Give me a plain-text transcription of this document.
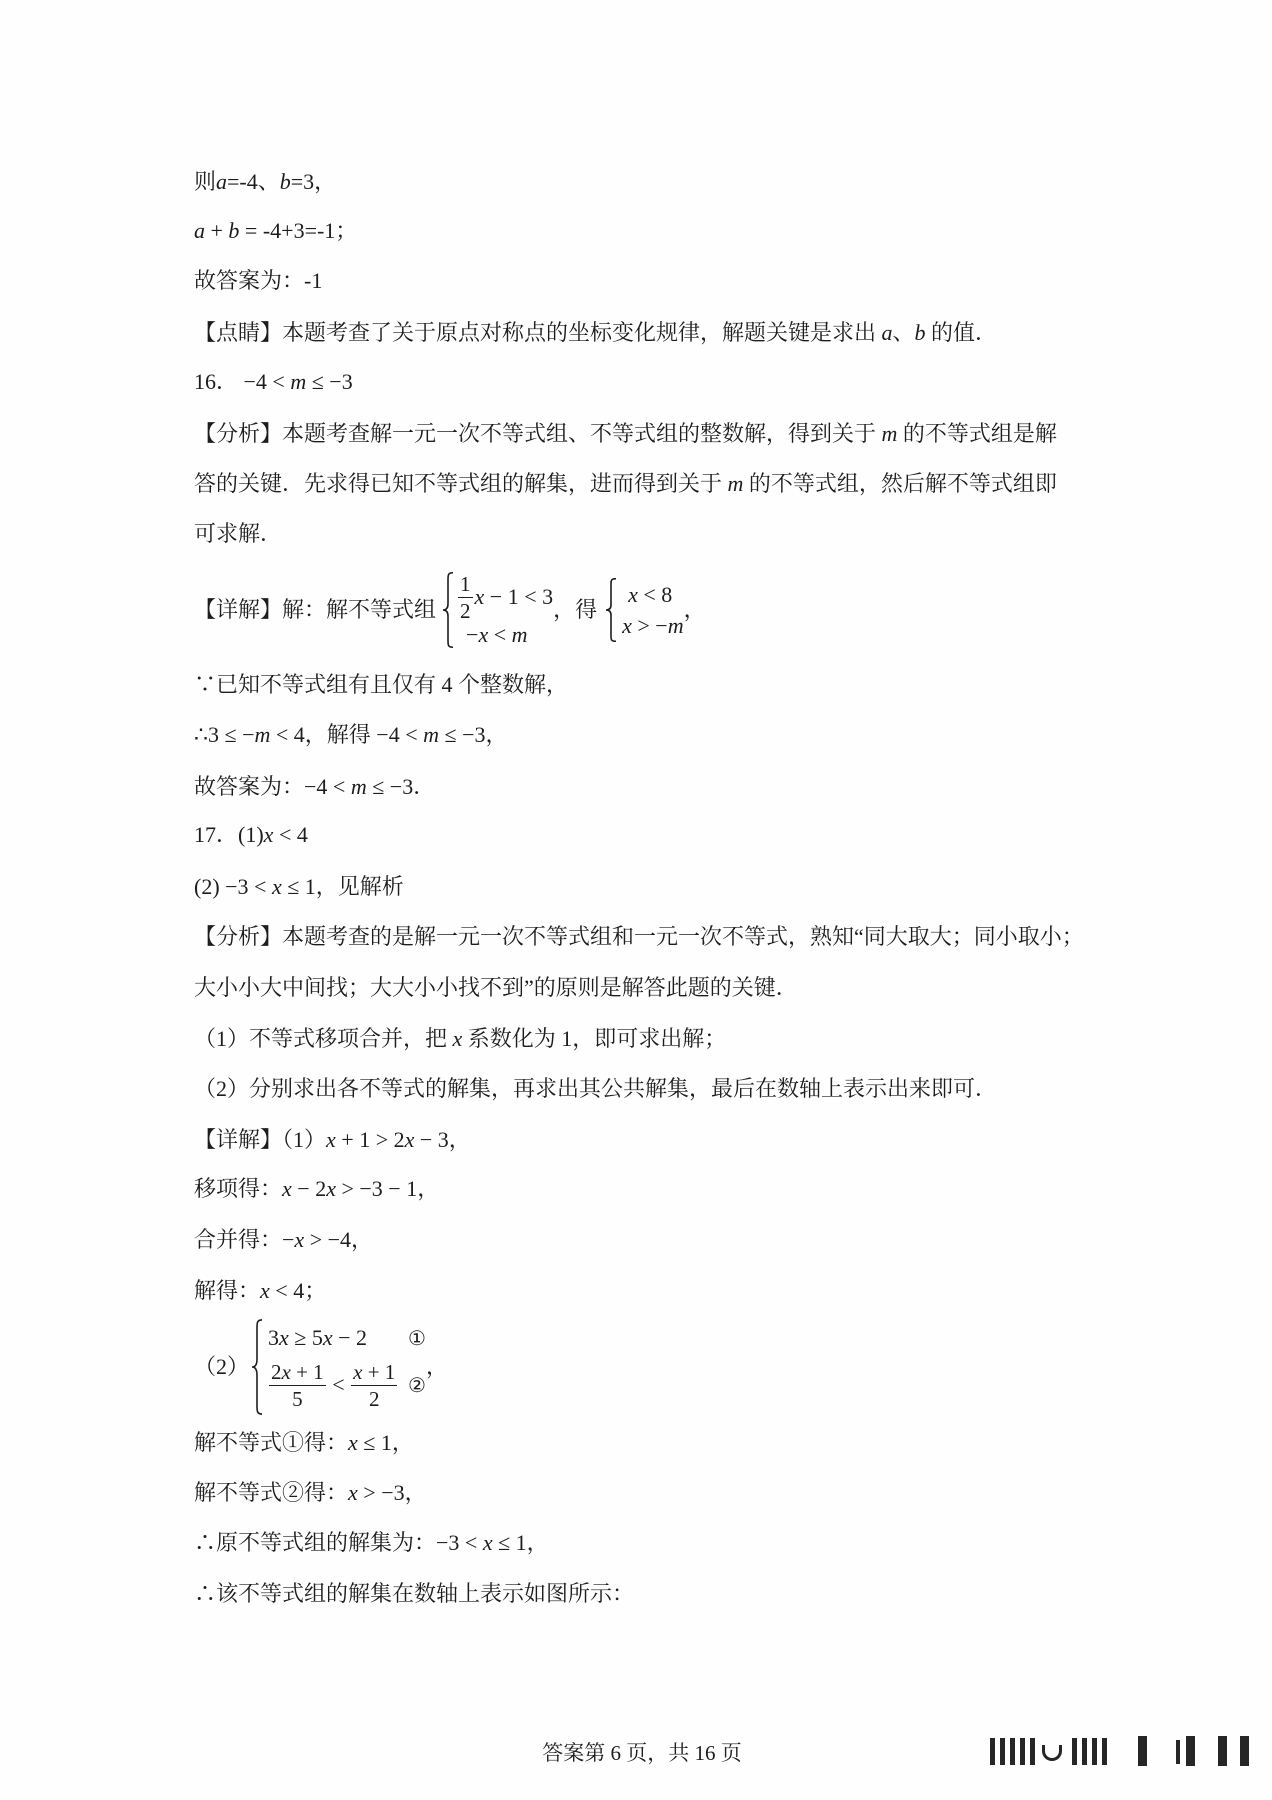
则 a =-4、 b =3，
a + b = -4+3=-1；
故答案为：-1
【点睛】本题考查了关于原点对称点的坐标变化规律，解题关键是求出 a 、 b 的值．
16． −4 < m ≤ −3
【分析】本题考查解一元一次不等式组、不等式组的整数解，得到关于 m 的不等式组是解
答的关键．先求得已知不等式组的解集，进而得到关于 m 的不等式组，然后解不等式组即
可求解．
【详解】解：解不等式组 $\frac{1}{2}$ x − 1 < 3
− x < m
，得
x < 8
x > − m
，
∵已知不等式组有且仅有 4 个整数解，
∴3 ≤ − m < 4，解得 −4 < m ≤ −3，
故答案为：−4 < m ≤ −3．
17． (1) x < 4
(2) −3 < x ≤ 1，见解析
【分析】本题考查的是解一元一次不等式组和一元一次不等式，熟知“同大取大；同小取小；
大小小大中间找；大大小小找不到”的原则是解答此题的关键．
（1）不等式移项合并，把 x 系数化为 1，即可求出解；
（2）分别求出各不等式的解集，再求出其公共解集，最后在数轴上表示出来即可．
【详解】（1） x + 1 > 2 x − 3，
移项得： x − 2 x > −3 − 1，
合并得：− x > −4，
解得： x < 4；
（2）
3 x ≥ 5 x − 2 ①
$\frac{2 x + 1}{5} < \frac{x + 1}{2}$ ②
，
解不等式①得： x ≤ 1，
解不等式②得： x > −3，
∴原不等式组的解集为：−3 < x ≤ 1，
∴该不等式组的解集在数轴上表示如图所示：
答案第 6 页，共 16 页
